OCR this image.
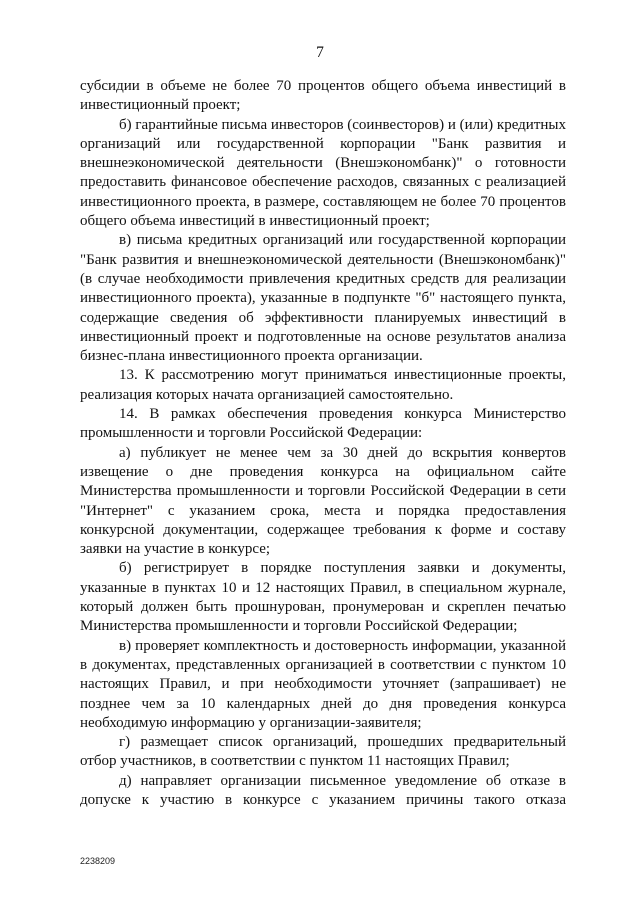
7

субсидии в объеме не более 70 процентов общего объема инвестиций в инвестиционный проект;

б) гарантийные письма инвесторов (соинвесторов) и (или) кредитных организаций или государственной корпорации "Банк развития и внешнеэкономической деятельности (Внешэкономбанк)" о готовности предоставить финансовое обеспечение расходов, связанных с реализацией инвестиционного проекта, в размере, составляющем не более 70 процентов общего объема инвестиций в инвестиционный проект;

в) письма кредитных организаций или государственной корпорации "Банк развития и внешнеэкономической деятельности (Внешэкономбанк)" (в случае необходимости привлечения кредитных средств для реализации инвестиционного проекта), указанные в подпункте "б" настоящего пункта, содержащие сведения об эффективности планируемых инвестиций в инвестиционный проект и подготовленные на основе результатов анализа бизнес-плана инвестиционного проекта организации.

13. К рассмотрению могут приниматься инвестиционные проекты, реализация которых начата организацией самостоятельно.

14. В рамках обеспечения проведения конкурса Министерство промышленности и торговли Российской Федерации:

а) публикует не менее чем за 30 дней до вскрытия конвертов извещение о дне проведения конкурса на официальном сайте Министерства промышленности и торговли Российской Федерации в сети "Интернет" с указанием срока, места и порядка предоставления конкурсной документации, содержащее требования к форме и составу заявки на участие в конкурсе;

б) регистрирует в порядке поступления заявки и документы, указанные в пунктах 10 и 12 настоящих Правил, в специальном журнале, который должен быть прошнурован, пронумерован и скреплен печатью Министерства промышленности и торговли Российской Федерации;

в) проверяет комплектность и достоверность информации, указанной в документах, представленных организацией в соответствии с пунктом 10 настоящих Правил, и при необходимости уточняет (запрашивает) не позднее чем за 10 календарных дней до дня проведения конкурса необходимую информацию у организации-заявителя;

г) размещает список организаций, прошедших предварительный отбор участников, в соответствии с пунктом 11 настоящих Правил;

д) направляет организации письменное уведомление об отказе в допуске к участию в конкурсе с указанием причины такого отказа

2238209
